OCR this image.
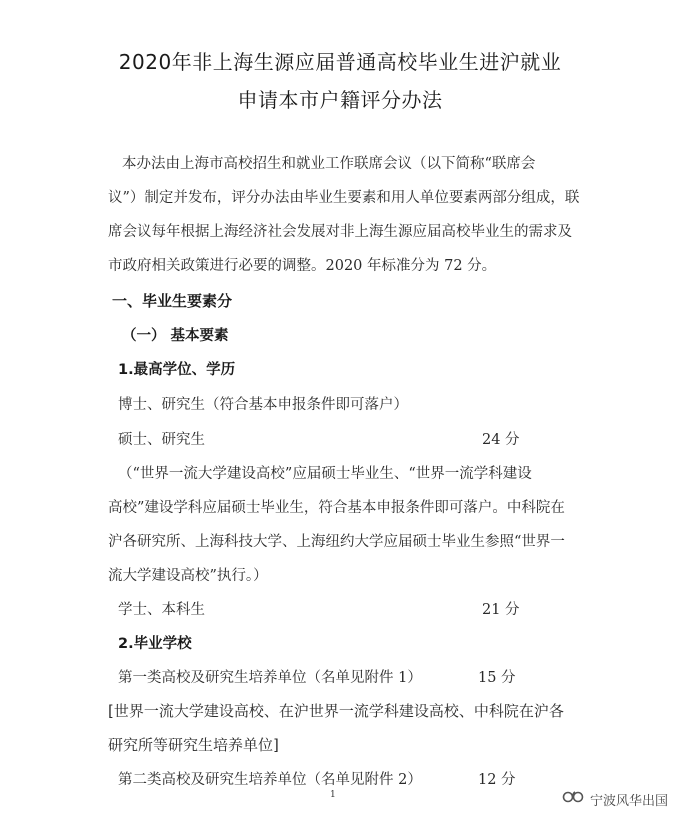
2020年非上海生源应届普通高校毕业生进沪就业
申请本市户籍评分办法
本办法由上海市高校招生和就业工作联席会议（以下简称“联席会
议”）制定并发布，评分办法由毕业生要素和用人单位要素两部分组成，联
席会议每年根据上海经济社会发展对非上海生源应届高校毕业生的需求及
市政府相关政策进行必要的调整。2020 年标准分为 72 分。
一、毕业生要素分
（一） 基本要素
1.最高学位、学历
博士、研究生（符合基本申报条件即可落户）
硕士、研究生	24 分
（“世界一流大学建设高校”应届硕士毕业生、“世界一流学科建设
高校”建设学科应届硕士毕业生，符合基本申报条件即可落户。中科院在
沪各研究所、上海科技大学、上海纽约大学应届硕士毕业生参照“世界一
流大学建设高校”执行。）
学士、本科生	21 分
2.毕业学校
第一类高校及研究生培养单位（名单见附件 1）	15 分
[世界一流大学建设高校、在沪世界一流学科建设高校、中科院在沪各
研究所等研究生培养单位]
第二类高校及研究生培养单位（名单见附件 2）	12 分
1	宁波风华出国
